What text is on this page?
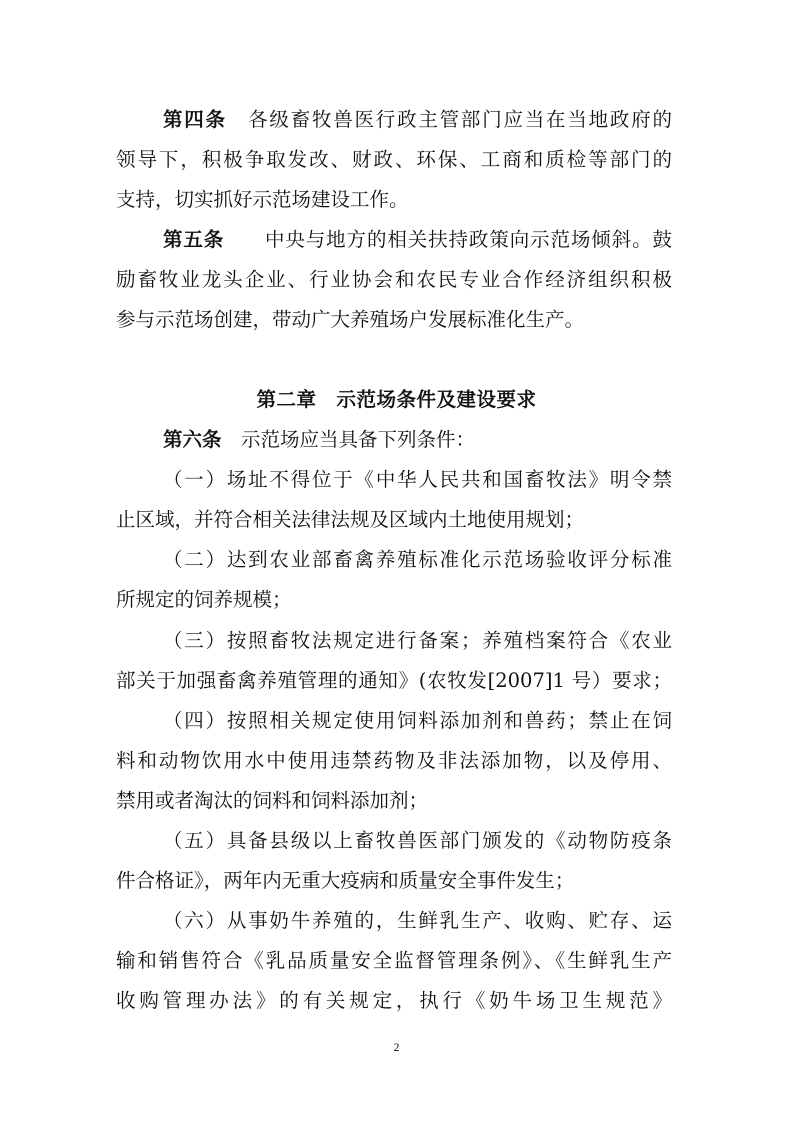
第四条　 各级畜牧兽医行政主管部门应当在当地政府的
领导下，积极争取发改、财政、环保、工商和质检等部门的
支持，切实抓好示范场建设工作。
第五条　　 中央与地方的相关扶持政策向示范场倾斜。鼓
励畜牧业龙头企业、行业协会和农民专业合作经济组织积极
参与示范场创建，带动广大养殖场户发展标准化生产。
第二章　示范场条件及建设要求
第六条　 示范场应当具备下列条件：
（一）场址不得位于《中华人民共和国畜牧法》明令禁
止区域，并符合相关法律法规及区域内土地使用规划；
（二）达到农业部畜禽养殖标准化示范场验收评分标准
所规定的饲养规模；
（三）按照畜牧法规定进行备案；养殖档案符合《农业
部关于加强畜禽养殖管理的通知》(农牧发[2007]1 号）要求；
（四）按照相关规定使用饲料添加剂和兽药；禁止在饲
料和动物饮用水中使用违禁药物及非法添加物，以及停用、
禁用或者淘汰的饲料和饲料添加剂；
（五）具备县级以上畜牧兽医部门颁发的《动物防疫条
件合格证》，两年内无重大疫病和质量安全事件发生；
（六）从事奶牛养殖的，生鲜乳生产、收购、贮存、运
输和销售符合《乳品质量安全监督管理条例》、《生鲜乳生产
收购管理办法》的有关规定，执行《奶牛场卫生规范》
2
